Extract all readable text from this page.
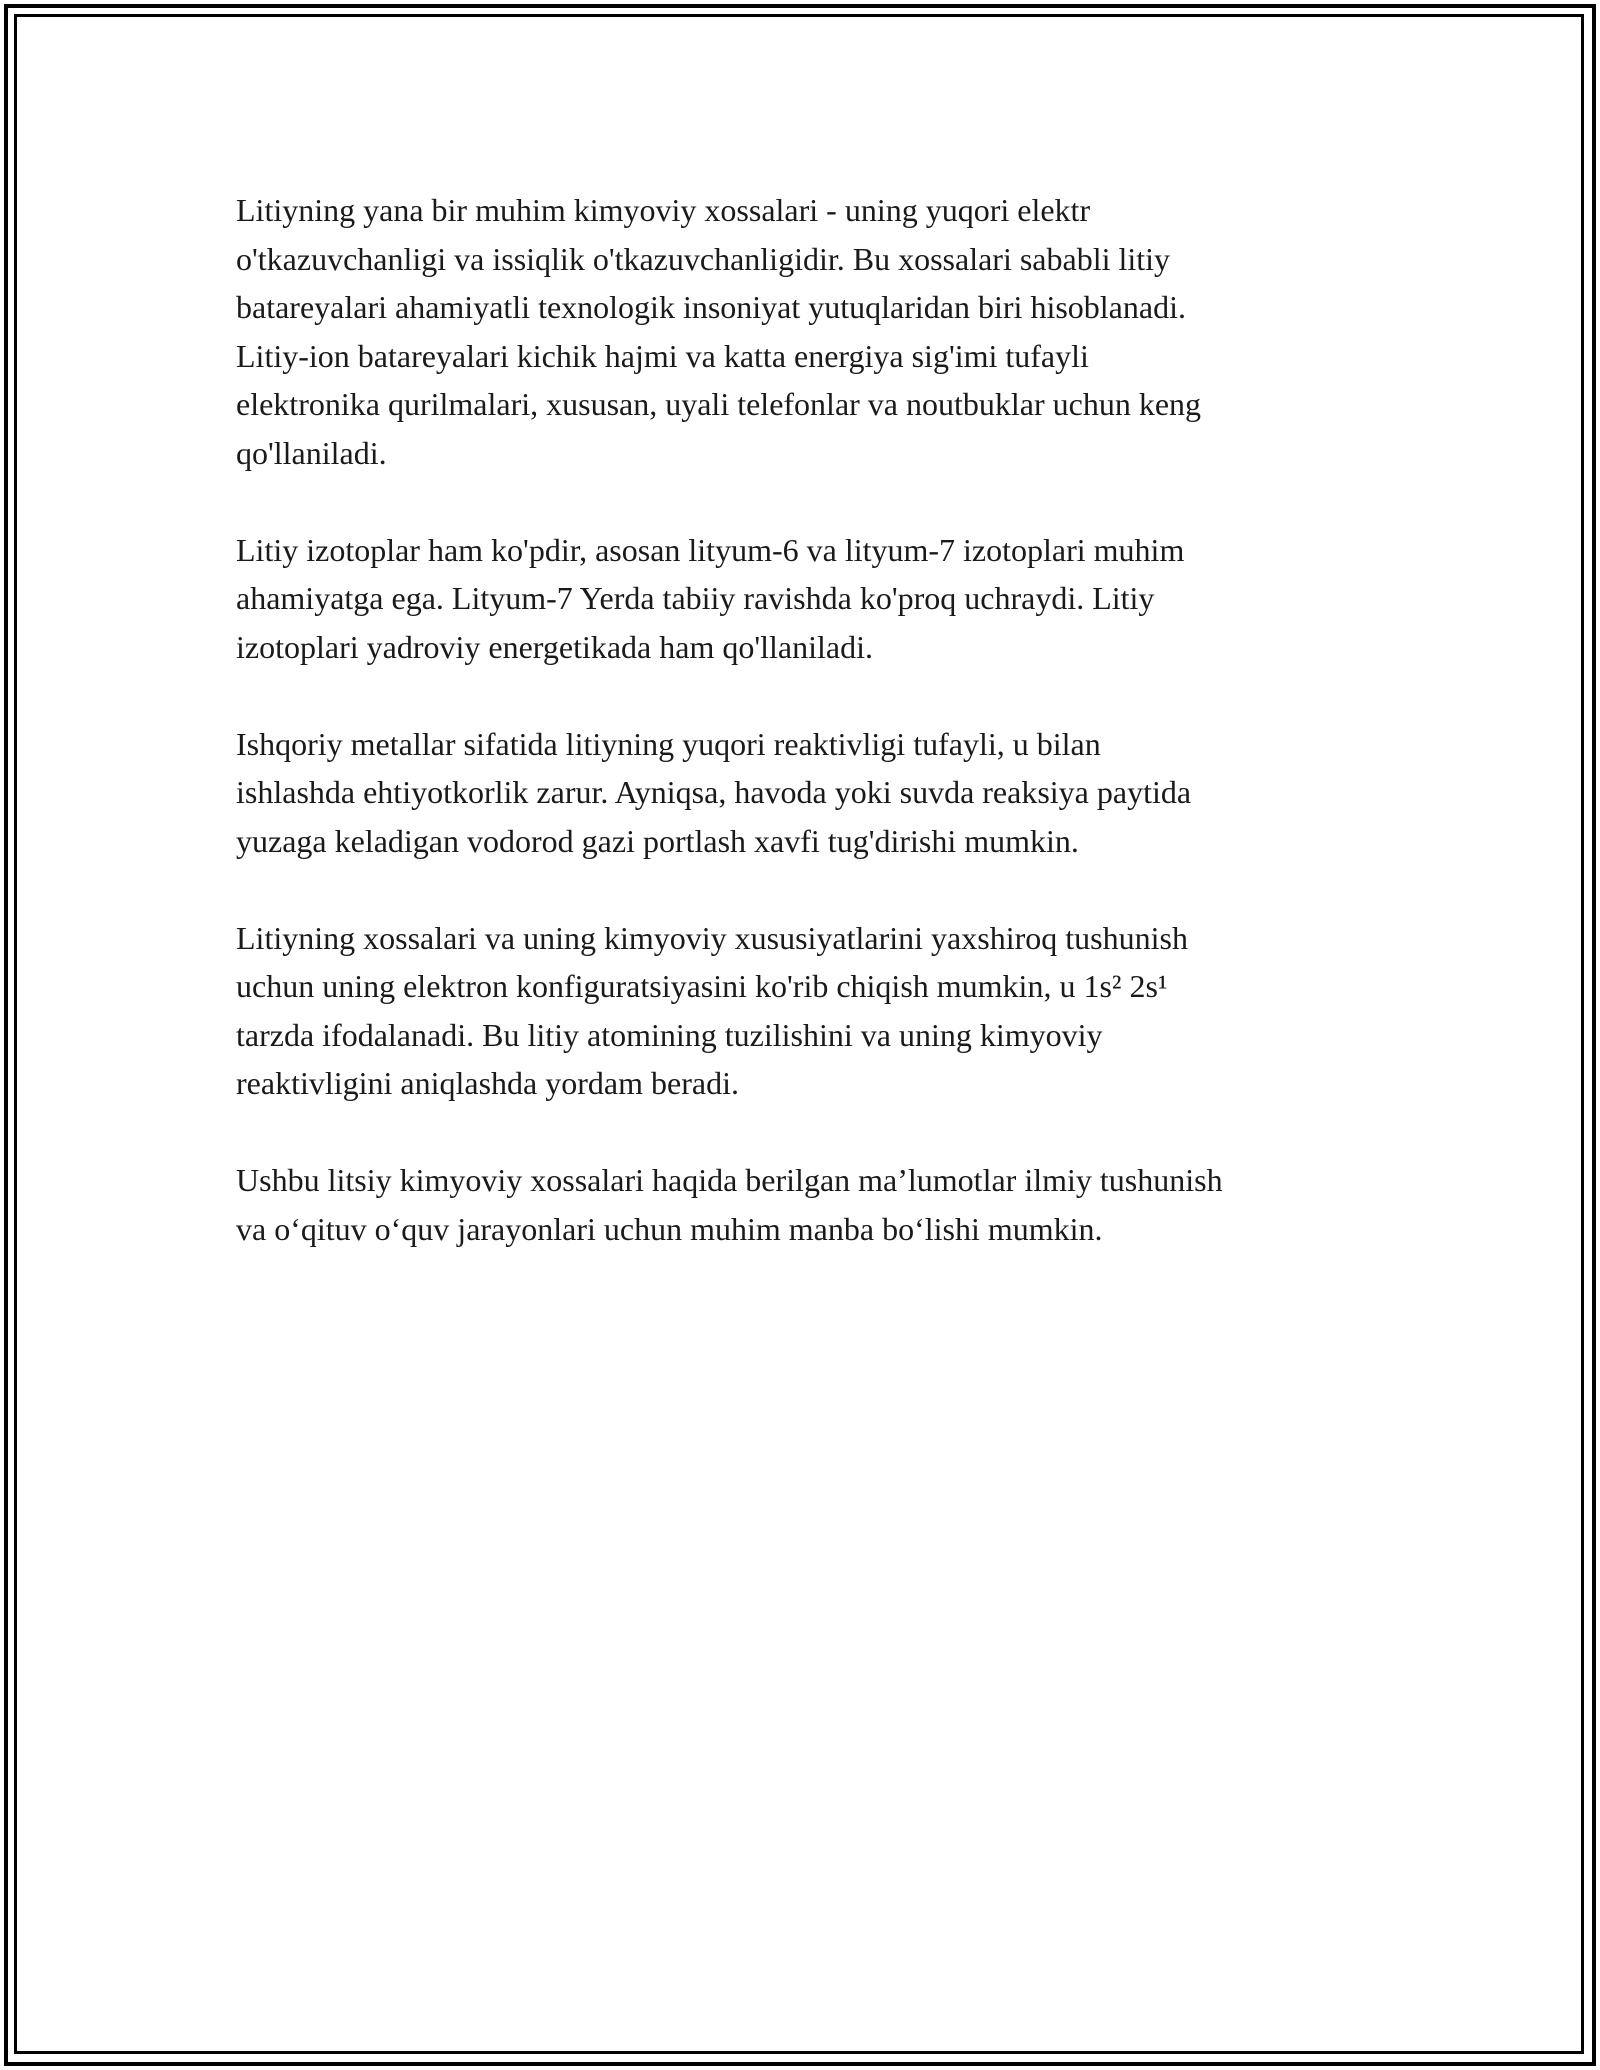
Litiyning yana bir muhim kimyoviy xossalari - uning yuqori elektr
o'tkazuvchanligi va issiqlik o'tkazuvchanligidir. Bu xossalari sababli litiy
batareyalari ahamiyatli texnologik insoniyat yutuqlaridan biri hisoblanadi.
Litiy-ion batareyalari kichik hajmi va katta energiya sig'imi tufayli
elektronika qurilmalari, xususan, uyali telefonlar va noutbuklar uchun keng
qo'llaniladi.

Litiy izotoplar ham ko'pdir, asosan lityum-6 va lityum-7 izotoplari muhim
ahamiyatga ega. Lityum-7 Yerda tabiiy ravishda ko'proq uchraydi. Litiy
izotoplari yadroviy energetikada ham qo'llaniladi.

Ishqoriy metallar sifatida litiyning yuqori reaktivligi tufayli, u bilan
ishlashda ehtiyotkorlik zarur. Ayniqsa, havoda yoki suvda reaksiya paytida
yuzaga keladigan vodorod gazi portlash xavfi tug'dirishi mumkin.

Litiyning xossalari va uning kimyoviy xususiyatlarini yaxshiroq tushunish
uchun uning elektron konfiguratsiyasini ko'rib chiqish mumkin, u 1s² 2s¹
tarzda ifodalanadi. Bu litiy atomining tuzilishini va uning kimyoviy
reaktivligini aniqlashda yordam beradi.

Ushbu litsiy kimyoviy xossalari haqida berilgan ma’lumotlar ilmiy tushunish
va o‘qituv o‘quv jarayonlari uchun muhim manba bo‘lishi mumkin.
